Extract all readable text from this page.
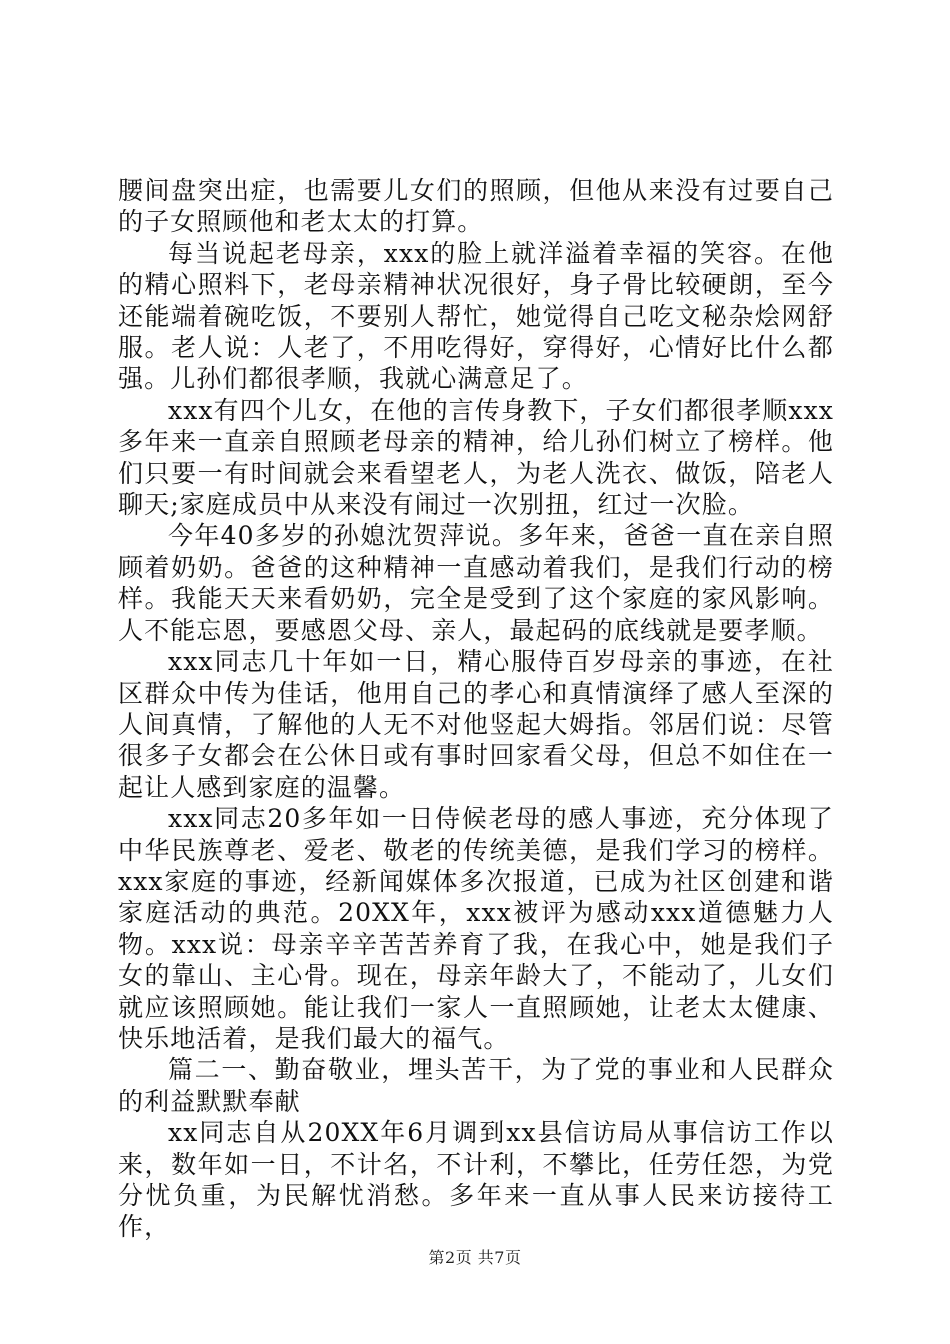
腰间盘突出症，也需要儿女们的照顾，但他从来没有过要自己的子女照顾他和老太太的打算。

每当说起老母亲，xxx的脸上就洋溢着幸福的笑容。在他的精心照料下，老母亲精神状况很好，身子骨比较硬朗，至今还能端着碗吃饭，不要别人帮忙，她觉得自己吃文秘杂烩网舒服。老人说：人老了，不用吃得好，穿得好，心情好比什么都强。儿孙们都很孝顺，我就心满意足了。

xxx有四个儿女，在他的言传身教下，子女们都很孝顺xxx多年来一直亲自照顾老母亲的精神，给儿孙们树立了榜样。他们只要一有时间就会来看望老人，为老人洗衣、做饭，陪老人聊天;家庭成员中从来没有闹过一次别扭，红过一次脸。

今年40多岁的孙媳沈贺萍说。多年来，爸爸一直在亲自照顾着奶奶。爸爸的这种精神一直感动着我们，是我们行动的榜样。我能天天来看奶奶，完全是受到了这个家庭的家风影响。人不能忘恩，要感恩父母、亲人，最起码的底线就是要孝顺。

xxx同志几十年如一日，精心服侍百岁母亲的事迹，在社区群众中传为佳话，他用自己的孝心和真情演绎了感人至深的人间真情，了解他的人无不对他竖起大姆指。邻居们说：尽管很多子女都会在公休日或有事时回家看父母，但总不如住在一起让人感到家庭的温馨。

xxx同志20多年如一日侍候老母的感人事迹，充分体现了中华民族尊老、爱老、敬老的传统美德，是我们学习的榜样。xxx家庭的事迹，经新闻媒体多次报道，已成为社区创建和谐家庭活动的典范。20XX年，xxx被评为感动xxx道德魅力人物。xxx说：母亲辛辛苦苦养育了我，在我心中，她是我们子女的靠山、主心骨。现在，母亲年龄大了，不能动了，儿女们就应该照顾她。能让我们一家人一直照顾她，让老太太健康、快乐地活着，是我们最大的福气。

篇二一、勤奋敬业，埋头苦干，为了党的事业和人民群众的利益默默奉献

xx同志自从20XX年6月调到xx县信访局从事信访工作以来，数年如一日，不计名，不计利，不攀比，任劳任怨，为党分忧负重，为民解忧消愁。多年来一直从事人民来访接待工作，

第2页 共7页
